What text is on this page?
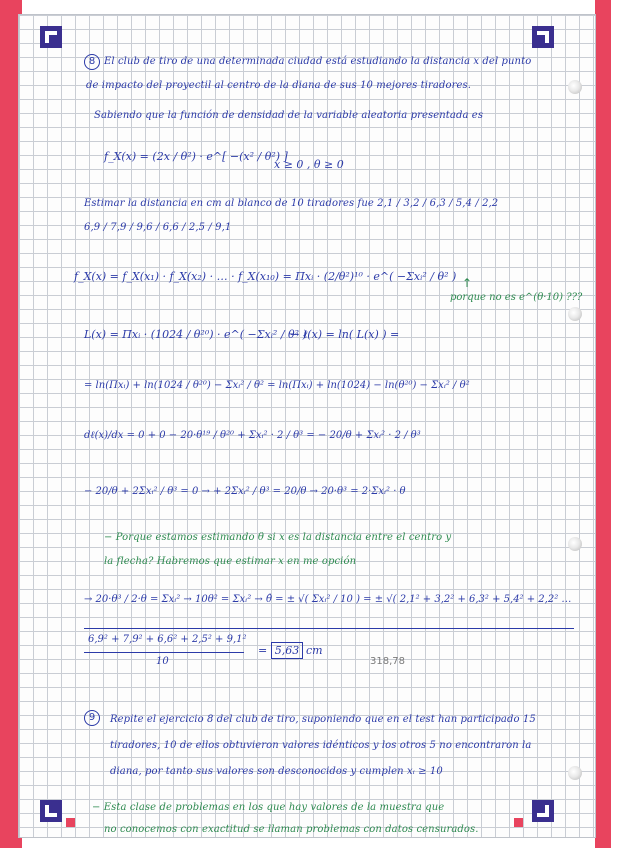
8 El club de tiro de una determinada ciudad está estudiando la distancia x del punto
de impacto del proyectil al centro de la diana de sus 10 mejores tiradores.
Sabiendo que la función de densidad de la variable aleatoria presentada es
f_X(x) = (2x / θ²) · e^[ −(x² / θ²) ]
x ≥ 0 , θ ≥ 0
Estimar la distancia en cm al blanco de 10 tiradores fue 2,1 / 3,2 / 6,3 / 5,4 / 2,2
6,9 / 7,9 / 9,6 / 6,6 / 2,5 / 9,1
f_X(x) = f_X(x₁) · f_X(x₂) · … · f_X(x₁₀) = Πxᵢ · (2/θ²)¹⁰ · e^( −Σxᵢ² / θ² ) ↑
porque no es e^(θ·10) ???
L(x) = Πxᵢ · (1024 / θ²⁰) · e^( −Σxᵢ² / θ² )
→ ℓ(x) = ln( L(x) ) =
= ln(Πxᵢ) + ln(1024 / θ²⁰) − Σxᵢ² / θ² = ln(Πxᵢ) + ln(1024) − ln(θ²⁰) − Σxᵢ² / θ²
dℓ(x)/dx = 0 + 0 − 20·θ¹⁹ / θ²⁰ + Σxᵢ² · 2 / θ³ = − 20/θ + Σxᵢ² · 2 / θ³
− 20/θ + 2Σxᵢ² / θ³ = 0 → + 2Σxᵢ² / θ³ = 20/θ → 20·θ³ = 2·Σxᵢ² · θ
− Porque estamos estimando θ si x es la distancia entre el centro y
la flecha? Habremos que estimar x en me opción
→ 20·θ³ / 2·θ = Σxᵢ² → 10θ² = Σxᵢ² → θ̂ = ± √( Σxᵢ² / 10 ) = ± √( 2,1² + 3,2² + 6,3² + 5,4² + 2,2² …
6,9² + 7,9² + 6,6² + 2,5² + 9,1²
10
= 5,63 cm
318,78
9	Repite el ejercicio 8 del club de tiro, suponiendo que en el test han participado 15
tiradores, 10 de ellos obtuvieron valores idénticos y los otros 5 no encontraron la
diana, por tanto sus valores son desconocidos y cumplen xᵢ ≥ 10
− Esta clase de problemas en los que hay valores de la muestra que
no conocemos con exactitud se llaman problemas con datos censurados.
